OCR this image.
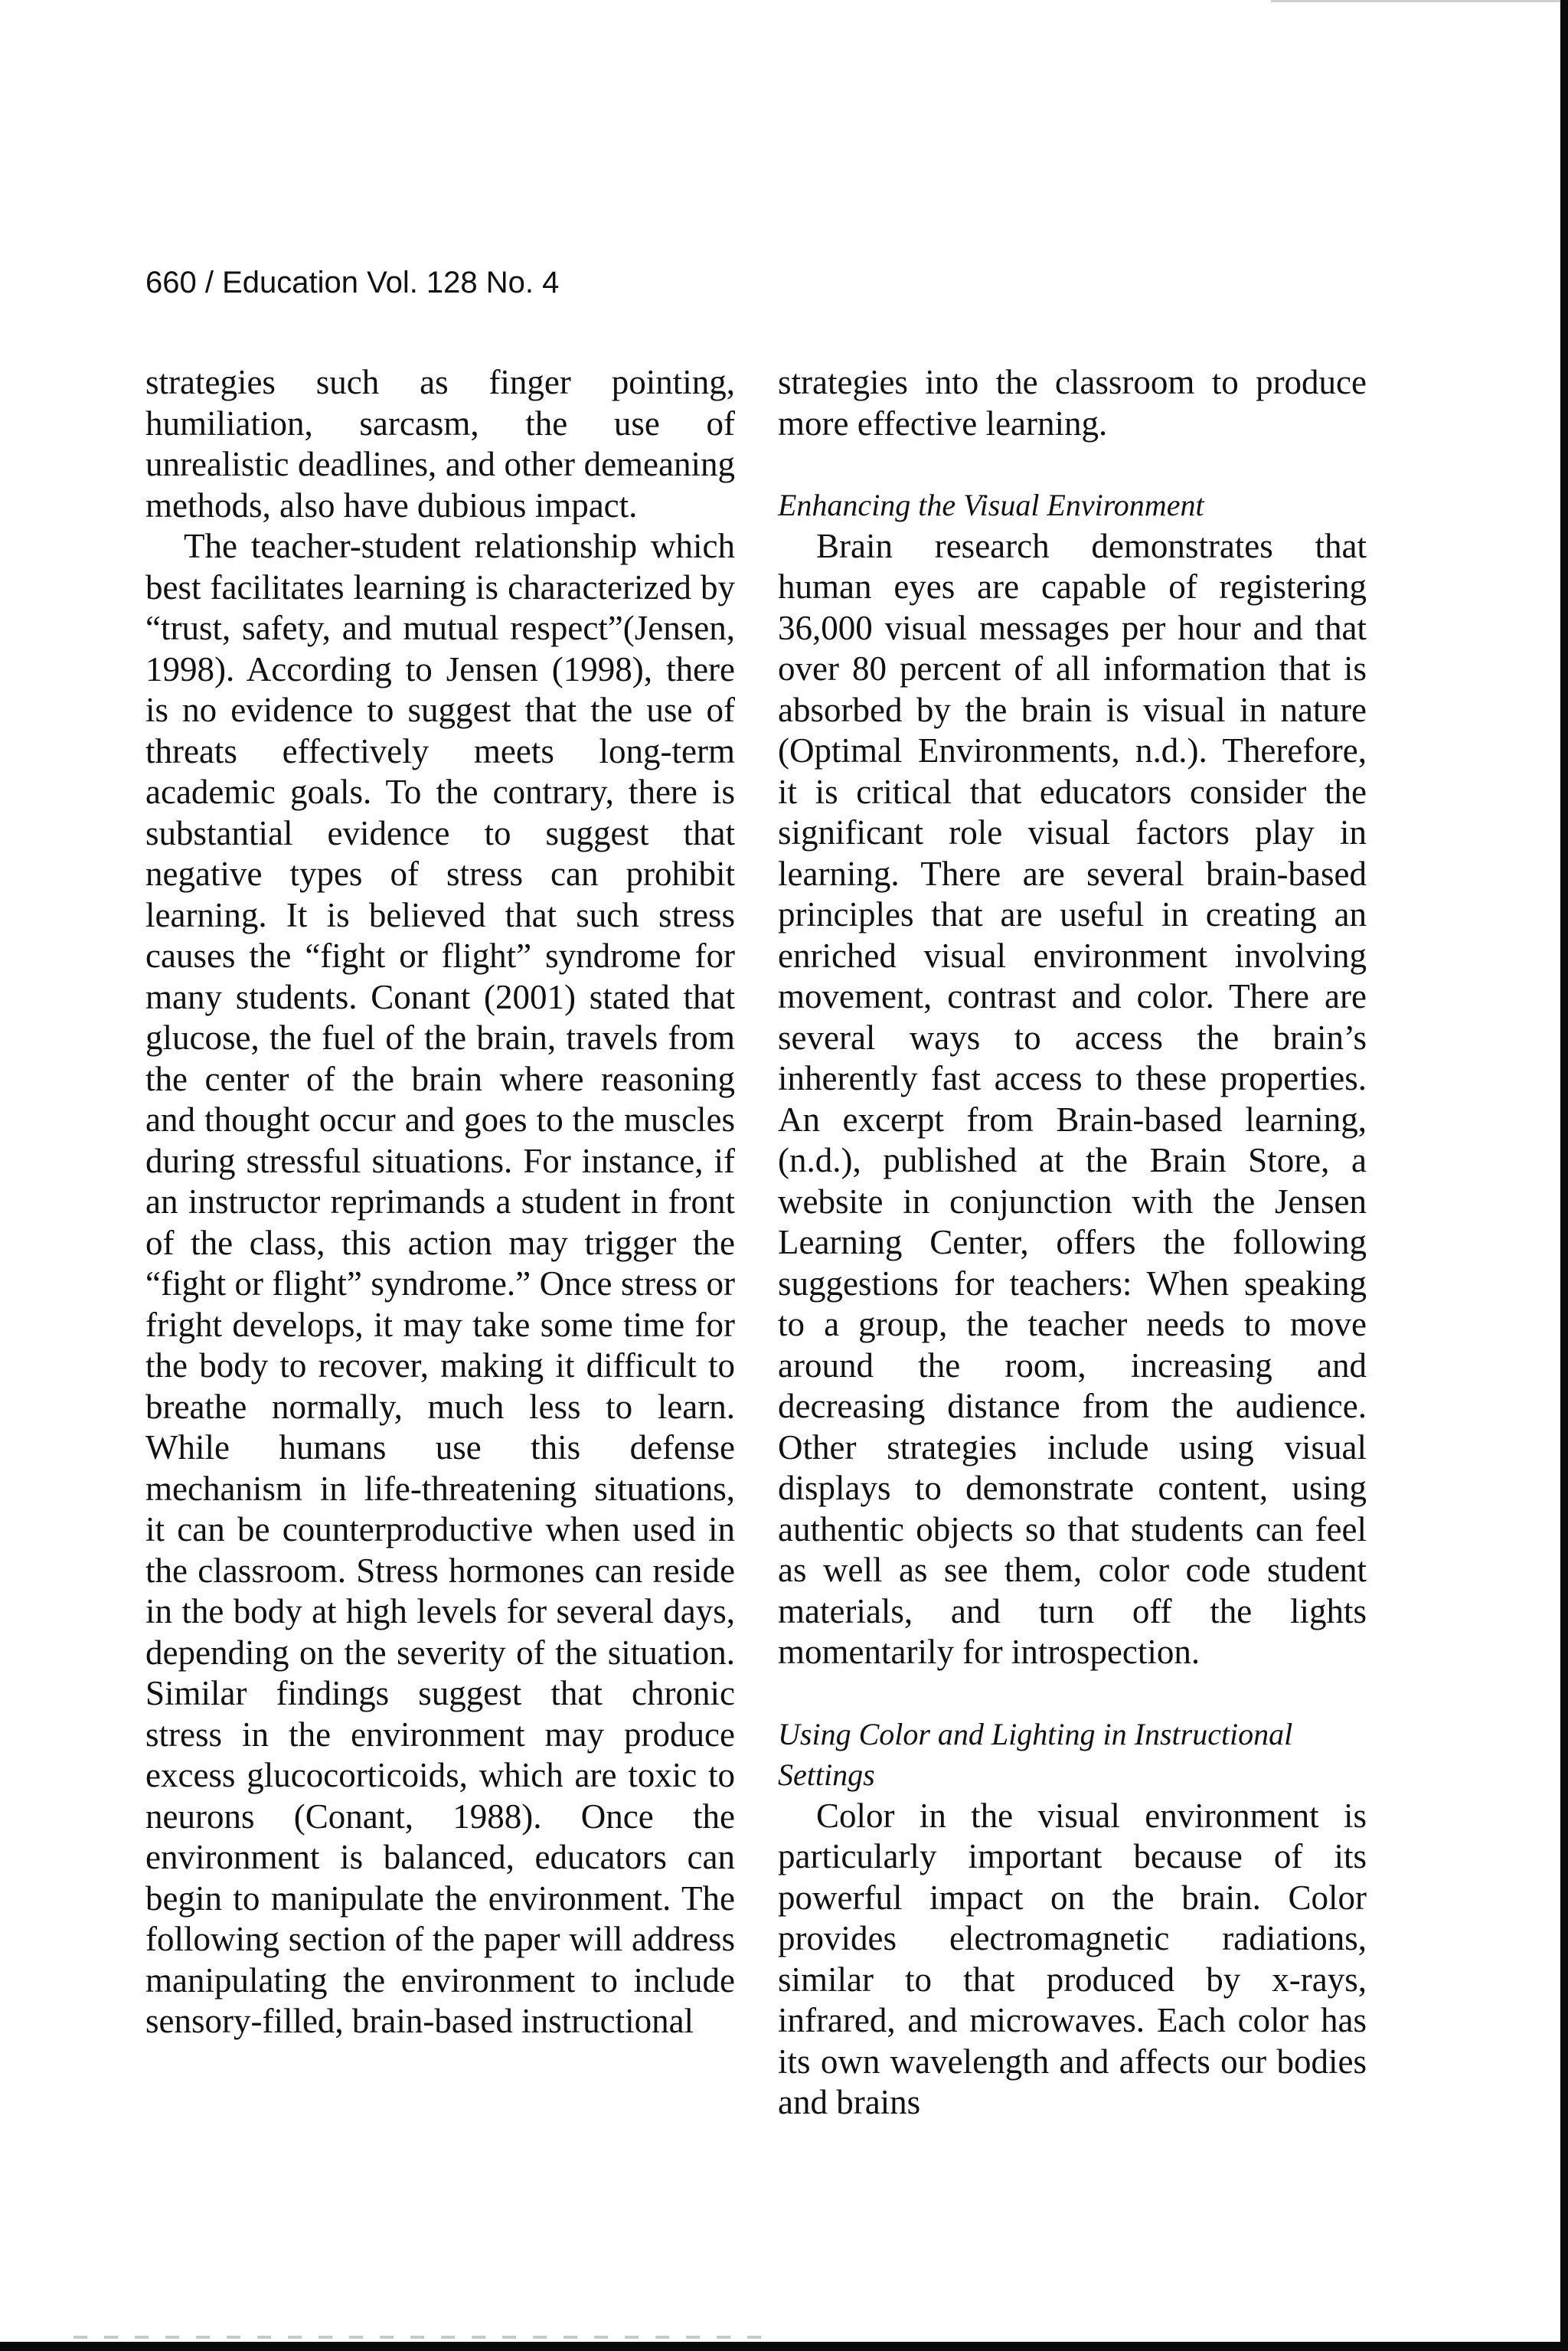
660 / Education Vol. 128 No. 4

strategies such as finger pointing, humiliation, sarcasm, the use of unrealistic deadlines, and other demeaning methods, also have dubious impact.

The teacher-student relationship which best facilitates learning is characterized by “trust, safety, and mutual respect”(Jensen, 1998). According to Jensen (1998), there is no evidence to suggest that the use of threats effectively meets long-term academic goals. To the contrary, there is substantial evidence to suggest that negative types of stress can prohibit learning. It is believed that such stress causes the “fight or flight” syndrome for many students. Conant (2001) stated that glucose, the fuel of the brain, travels from the center of the brain where reasoning and thought occur and goes to the muscles during stressful situations. For instance, if an instructor reprimands a student in front of the class, this action may trigger the “fight or flight” syndrome.” Once stress or fright develops, it may take some time for the body to recover, making it difficult to breathe normally, much less to learn. While humans use this defense mechanism in life-threatening situations, it can be counterproductive when used in the classroom. Stress hormones can reside in the body at high levels for several days, depending on the severity of the situation. Similar findings suggest that chronic stress in the environment may produce excess glucocorticoids, which are toxic to neurons (Conant, 1988). Once the environment is balanced, educators can begin to manipulate the environment. The following section of the paper will address manipulating the environment to include sensory-filled, brain-based instructional

strategies into the classroom to produce more effective learning.

Enhancing the Visual Environment

Brain research demonstrates that human eyes are capable of registering 36,000 visual messages per hour and that over 80 percent of all information that is absorbed by the brain is visual in nature (Optimal Environments, n.d.). Therefore, it is critical that educators consider the significant role visual factors play in learning. There are several brain-based principles that are useful in creating an enriched visual environment involving movement, contrast and color. There are several ways to access the brain’s inherently fast access to these properties. An excerpt from Brain-based learning, (n.d.), published at the Brain Store, a website in conjunction with the Jensen Learning Center, offers the following suggestions for teachers: When speaking to a group, the teacher needs to move around the room, increasing and decreasing distance from the audience. Other strategies include using visual displays to demonstrate content, using authentic objects so that students can feel as well as see them, color code student materials, and turn off the lights momentarily for introspection.

Using Color and Lighting in Instructional Settings

Color in the visual environment is particularly important because of its powerful impact on the brain. Color provides electromagnetic radiations, similar to that produced by x-rays, infrared, and microwaves. Each color has its own wavelength and affects our bodies and brains
